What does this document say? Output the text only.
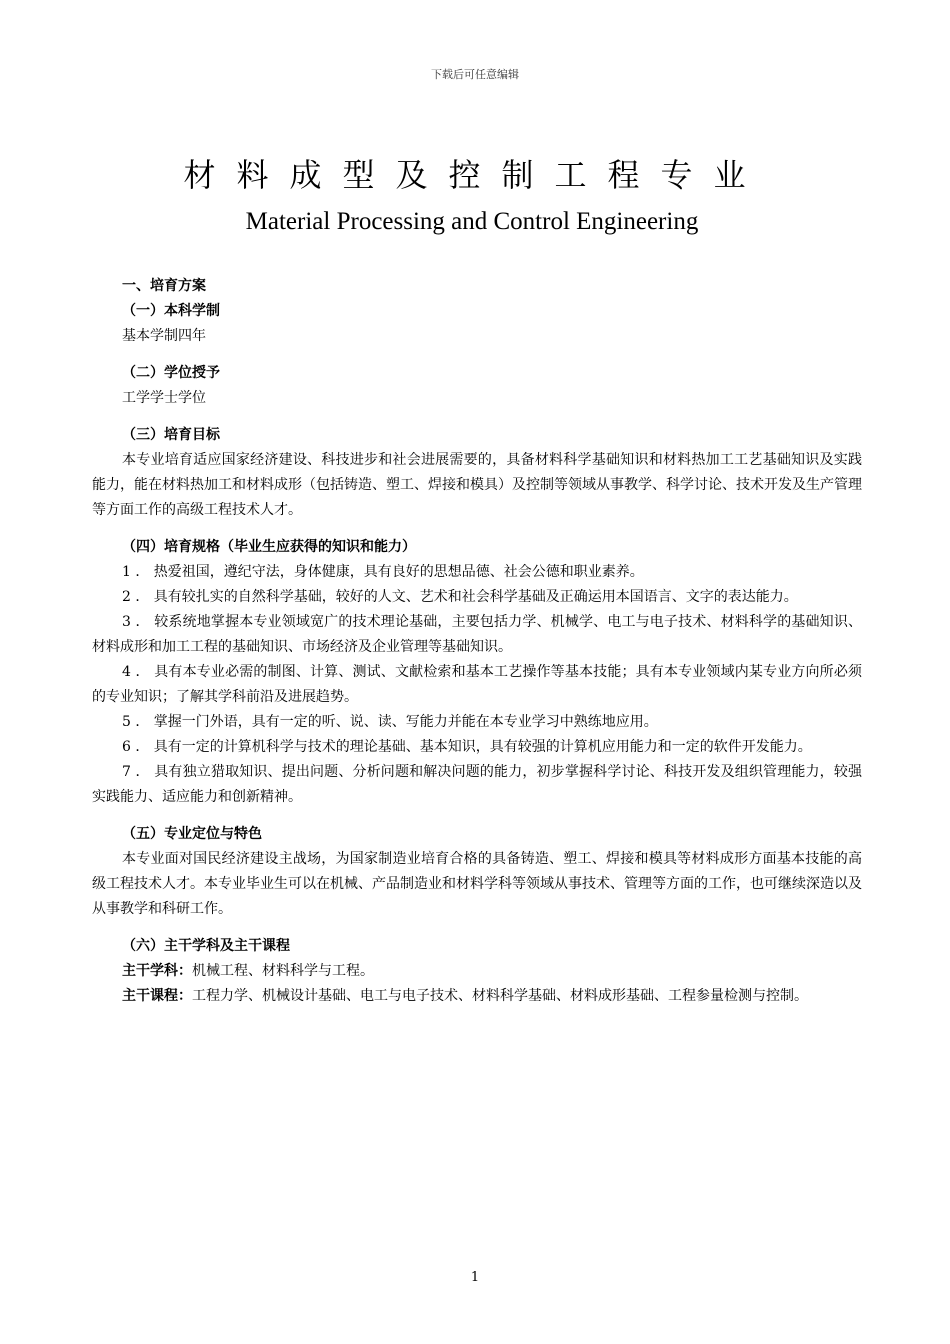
下载后可任意编辑
材料成型及控制工程专业
Material Processing and Control Engineering
一、培育方案
（一）本科学制
基本学制四年
（二）学位授予
工学学士学位
（三）培育目标
本专业培育适应国家经济建设、科技进步和社会进展需要的，具备材料科学基础知识和材料热加工工艺基础知识及实践能力，能在材料热加工和材料成形（包括铸造、塑工、焊接和模具）及控制等领域从事教学、科学讨论、技术开发及生产管理等方面工作的高级工程技术人才。
（四）培育规格（毕业生应获得的知识和能力）
1 ． 热爱祖国，遵纪守法，身体健康，具有良好的思想品德、社会公德和职业素养。
2 ． 具有较扎实的自然科学基础，较好的人文、艺术和社会科学基础及正确运用本国语言、文字的表达能力。
3 ． 较系统地掌握本专业领域宽广的技术理论基础，主要包括力学、机械学、电工与电子技术、材料科学的基础知识、材料成形和加工工程的基础知识、市场经济及企业管理等基础知识。
4 ． 具有本专业必需的制图、计算、测试、文献检索和基本工艺操作等基本技能；具有本专业领域内某专业方向所必须的专业知识；了解其学科前沿及进展趋势。
5 ． 掌握一门外语，具有一定的听、说、读、写能力并能在本专业学习中熟练地应用。
6 ． 具有一定的计算机科学与技术的理论基础、基本知识，具有较强的计算机应用能力和一定的软件开发能力。
7 ． 具有独立猎取知识、提出问题、分析问题和解决问题的能力，初步掌握科学讨论、科技开发及组织管理能力，较强实践能力、适应能力和创新精神。
（五）专业定位与特色
本专业面对国民经济建设主战场，为国家制造业培育合格的具备铸造、塑工、焊接和模具等材料成形方面基本技能的高级工程技术人才。本专业毕业生可以在机械、产品制造业和材料学科等领域从事技术、管理等方面的工作，也可继续深造以及从事教学和科研工作。
（六）主干学科及主干课程
主干学科：机械工程、材料科学与工程。
主干课程：工程力学、机械设计基础、电工与电子技术、材料科学基础、材料成形基础、工程参量检测与控制。
1
